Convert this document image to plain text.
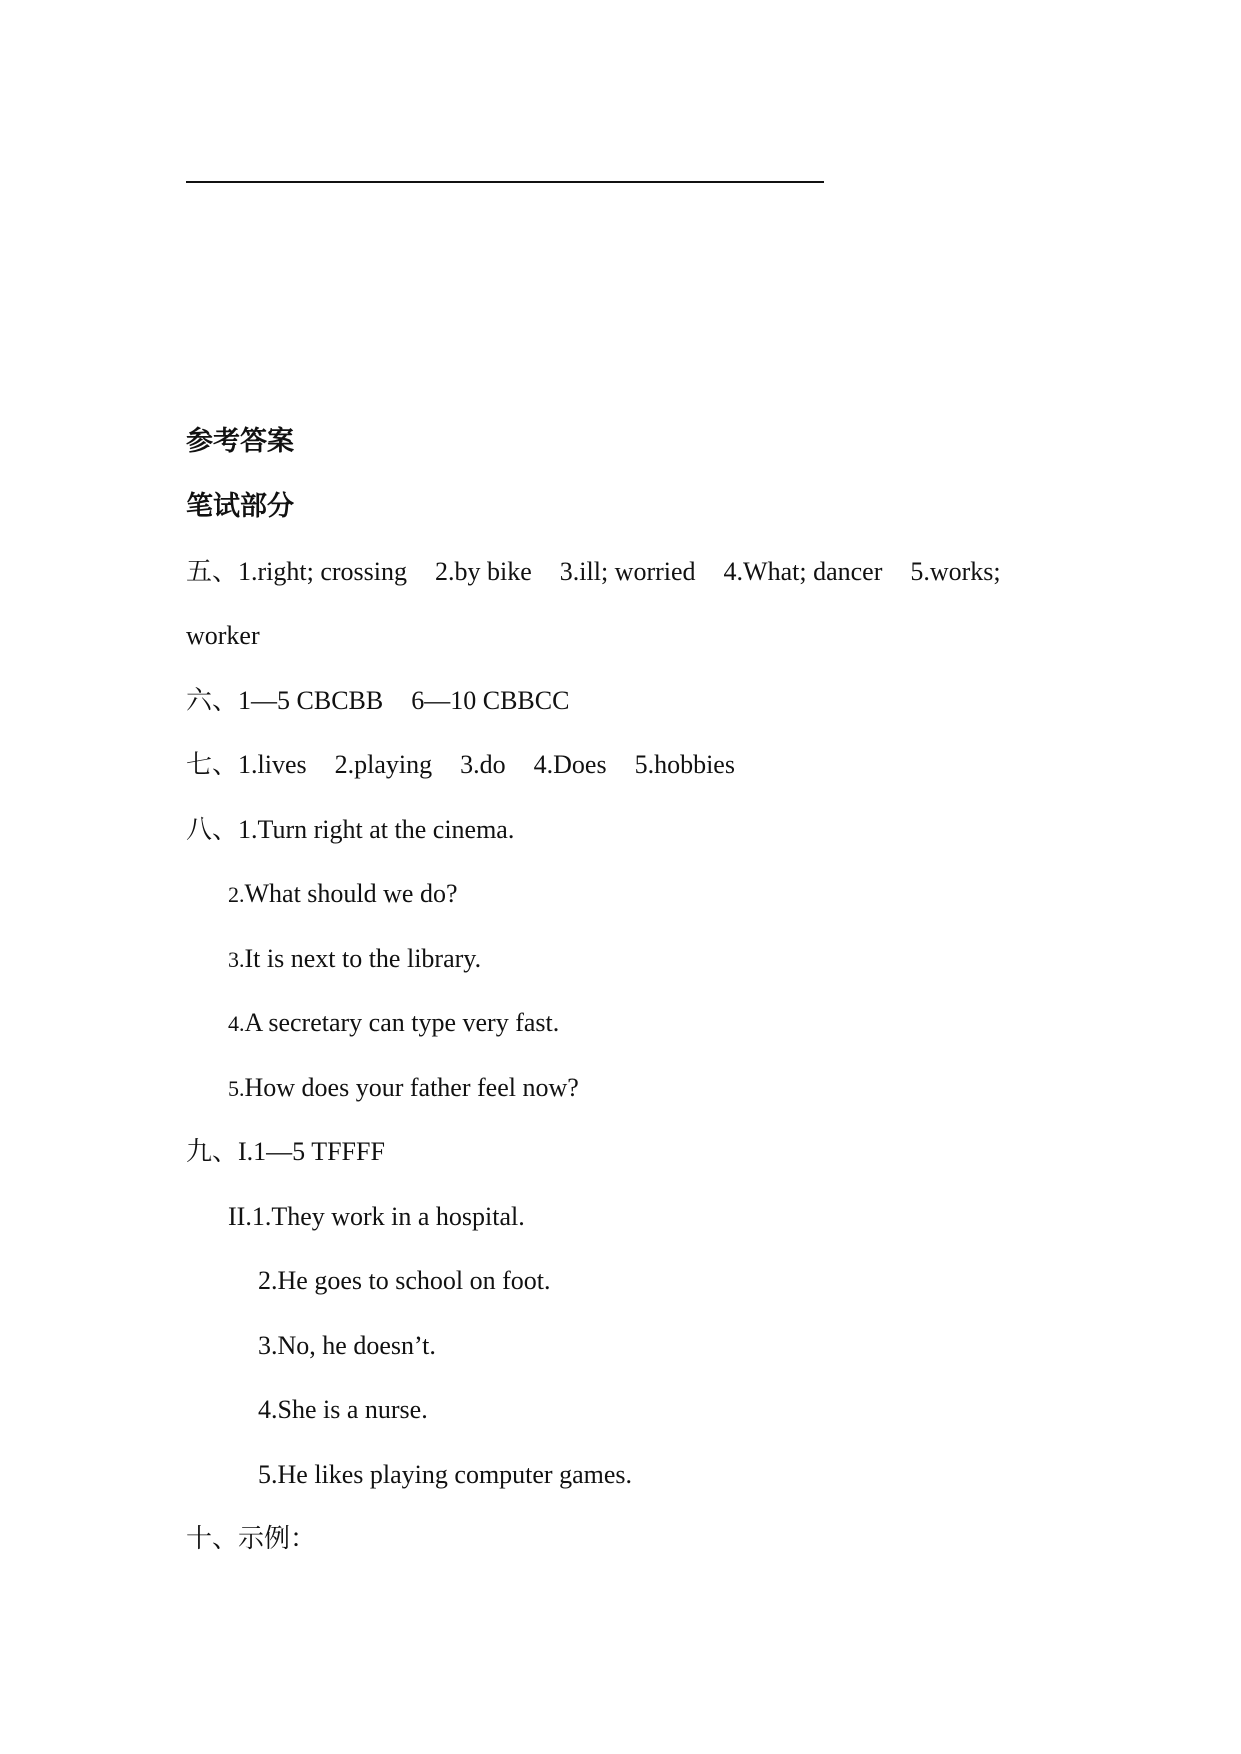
参考答案
笔试部分
五、1.right; crossing 2.by bike 3.ill; worried 4.What; dancer 5.works;
worker
六、1—5 CBCBB 6—10 CBBCC
七、1.lives 2.playing 3.do 4.Does 5.hobbies
八、1.Turn right at the cinema.
2.What should we do?
3.It is next to the library.
4.A secretary can type very fast.
5.How does your father feel now?
九、I.1—5 TFFFF
II.1.They work in a hospital.
2.He goes to school on foot.
3.No, he doesn’t.
4.She is a nurse.
5.He likes playing computer games.
十、示例：
